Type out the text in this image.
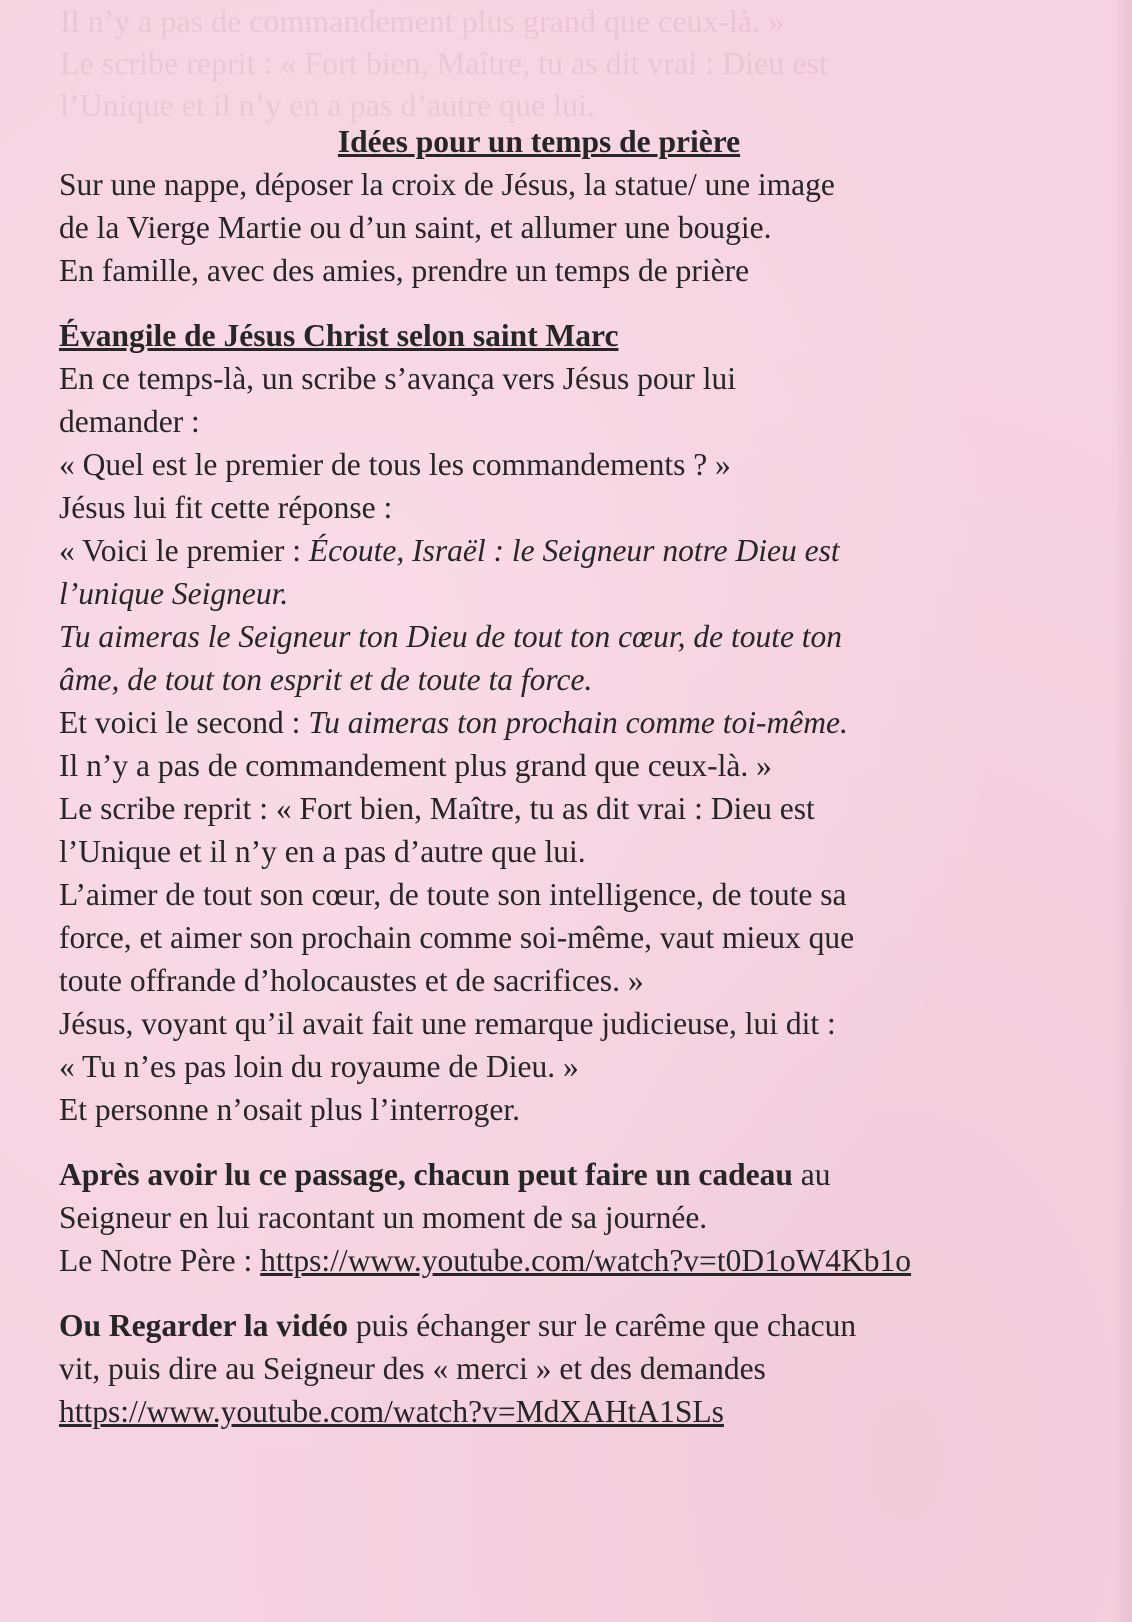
Il n’y a pas de commandement plus grand que ceux-là. »
Le scribe reprit : « Fort bien, Maître, tu as dit vrai : Dieu est
l’Unique et il n’y en a pas d’autre que lui.
Idées pour un temps de prière
Sur une nappe, déposer la croix de Jésus, la statue/ une image
de la Vierge Martie ou d’un saint, et allumer une bougie.
En famille, avec des amies, prendre un temps de prière
Évangile de Jésus Christ selon saint Marc
En ce temps-là, un scribe s’avança vers Jésus pour lui
demander :
« Quel est le premier de tous les commandements ? »
Jésus lui fit cette réponse :
« Voici le premier : Écoute, Israël : le Seigneur notre Dieu est
l’unique Seigneur.
Tu aimeras le Seigneur ton Dieu de tout ton cœur, de toute ton
âme, de tout ton esprit et de toute ta force.
Et voici le second : Tu aimeras ton prochain comme toi-même.
Il n’y a pas de commandement plus grand que ceux-là. »
Le scribe reprit : « Fort bien, Maître, tu as dit vrai : Dieu est
l’Unique et il n’y en a pas d’autre que lui.
L’aimer de tout son cœur, de toute son intelligence, de toute sa
force, et aimer son prochain comme soi-même, vaut mieux que
toute offrande d’holocaustes et de sacrifices. »
Jésus, voyant qu’il avait fait une remarque judicieuse, lui dit :
« Tu n’es pas loin du royaume de Dieu. »
Et personne n’osait plus l’interroger.
Après avoir lu ce passage, chacun peut faire un cadeau au
Seigneur en lui racontant un moment de sa journée.
Le Notre Père : https://www.youtube.com/watch?v=t0D1oW4Kb1o
Ou Regarder la vidéo puis échanger sur le carême que chacun
vit, puis dire au Seigneur des « merci » et des demandes
https://www.youtube.com/watch?v=MdXAHtA1SLs
